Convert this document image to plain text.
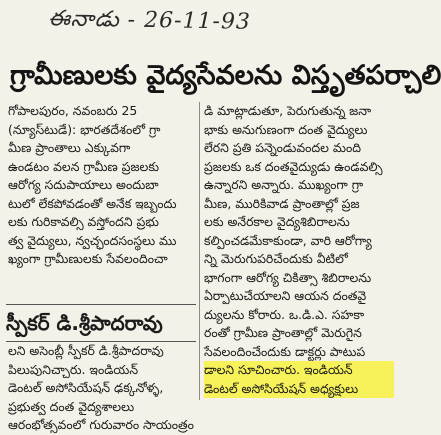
ఈనాడు - 26-11-93
గ్రామీణులకు వైద్యసేవలను విస్తృతపర్చాలి

గోపాలపురం, నవంబరు 25

(న్యూస్‌టుడే): భారతదేశంలో గ్రా

మీణ ప్రాంతాలు ఎక్కువగా

ఉండటం వలన గ్రామీణ ప్రజలకు

ఆరోగ్య సదుపాయాలు అందుబా

టులో లేకపోవడంతో అనేక ఇబ్బందు

లకు గురికావల్సి వస్తోందని ప్రభు

త్వ వైద్యులు, న్వచ్ఛందసంస్థలు ము

ఖ్యంగా గ్రామీణులకు సేవలందించా

స్పీకర్ డి.శ్రీపాదరావు

లని అసెంబ్లీ స్పీకర్ డి.శ్రీపాదరావు

పిలుపునిచ్చారు. ఇండియన్

డెంటల్ అసోసియేషన్ ఢక్కనోళ్ళ,

ప్రభుత్వ దంత వైద్యశాలలు

ఆరంభోత్సవంలో గురువారం సాయంత్రం

డి మాట్లాడుతూ, పెరుగుతున్న జనా

భాకు అనుగుణంగా దంత వైద్యులు

లేరని ప్రతి పన్నెండువందల మంది

ప్రజలకు ఒక దంతవైద్యుడు ఉండవల్సి

ఉన్నారని అన్నారు. ముఖ్యంగా గ్రా

మీణ, మురికివాడ ప్రాంతాల్లో ప్రజ

లకు అనేరకాల వైద్యశిబిరాలను

కల్పించడమేకాకుండా, వారి ఆరోగ్యా

న్ని మెరుగుపరిచేందుకు వీటిలో

భాగంగా ఆరోగ్య చికిత్సా శిబిరాలను

ఏర్పాటుచేయాలని ఆయన దంతవై

ద్యులను కోరారు. ఒ.డి.ఎ. సహకా

రంతో గ్రామీణ ప్రాంతాల్లో మెరుగైన

సేవలందించేందుకు డాక్టర్లు పాటుప

డాలని సూచించారు. ఇండియన్

డెంటల్ అసోసియేషన్ అధ్యక్షులు
